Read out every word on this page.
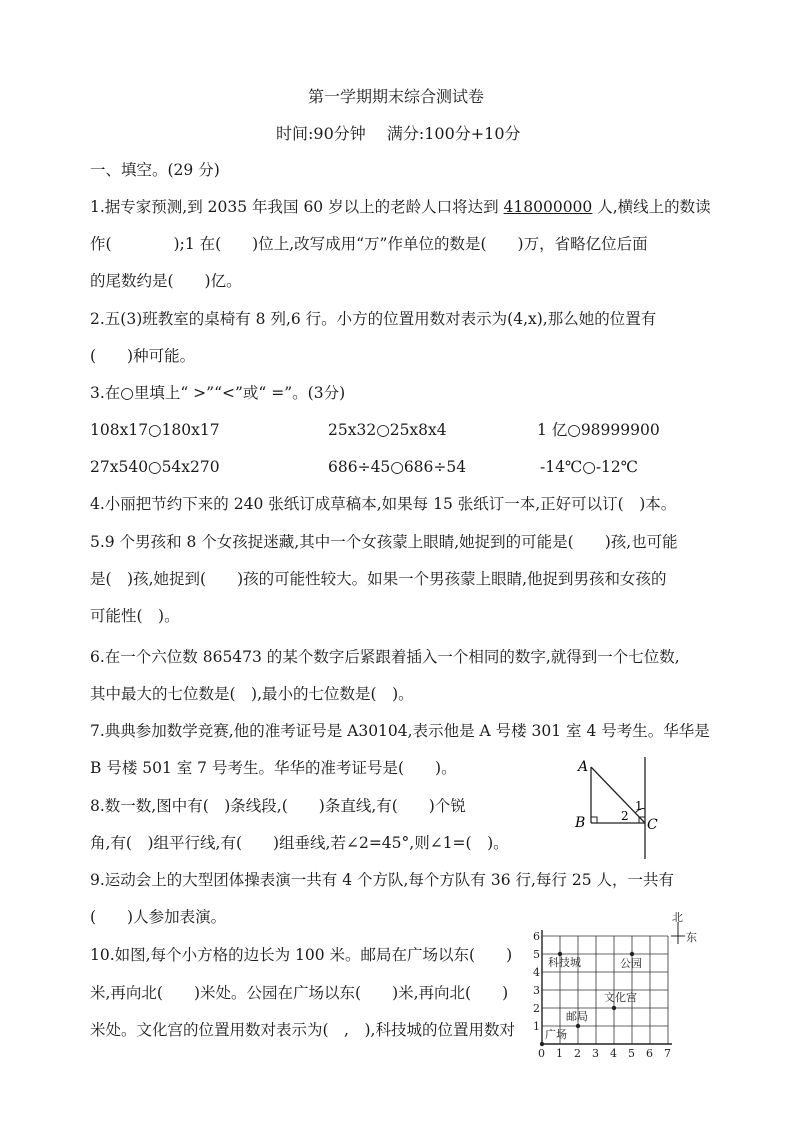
第一学期期末综合测试卷
时间:90分钟　 满分:100分+10分
一、填空。(29 分)
1.据专家预测,到 2035 年我国 60 岁以上的老龄人口将达到 418000000 人,横线上的数读
作(　　　　);1 在(　　)位上,改写成用“万”作单位的数是(　　)万，省略亿位后面
的尾数约是(　　)亿。
2.五(3)班教室的桌椅有 8 列,6 行。小方的位置用数对表示为(4,x),那么她的位置有
(　　)种可能。
3.在○里填上“ >”“<”或“ =”。(3分)
108x17○180x17	25x32○25x8x4	1 亿○98999900
27x540○54x270	686÷45○686÷54	-14℃○-12℃
4.小丽把节约下来的 240 张纸订成草稿本,如果每 15 张纸订一本,正好可以订(　)本。
5.9 个男孩和 8 个女孩捉迷藏,其中一个女孩蒙上眼睛,她捉到的可能是(　　)孩,也可能
是(　)孩,她捉到(　　)孩的可能性较大。如果一个男孩蒙上眼睛,他捉到男孩和女孩的
可能性(　)。
6.在一个六位数 865473 的某个数字后紧跟着插入一个相同的数字,就得到一个七位数,
其中最大的七位数是(　),最小的七位数是(　)。
7.典典参加数学竞赛,他的准考证号是 A30104,表示他是 A 号楼 301 室 4 号考生。华华是
B 号楼 501 室 7 号考生。华华的准考证号是(　　)。
8.数一数,图中有(　)条线段,(　　)条直线,有(　　)个锐
角,有(　)组平行线,有(　　)组垂线,若∠2=45°,则∠1=(　)。
A
B	C
1
2
9.运动会上的大型团体操表演一共有 4 个方队,每个方队有 36 行,每行 25 人，一共有
(　　)人参加表演。
10.如图,每个小方格的边长为 100 米。邮局在广场以东(　　)
米,再向北(　　)米处。公园在广场以东(　　)米,再向北(　　)
米处。文化宫的位置用数对表示为(　,　),科技城的位置用数对
科技城	公园
文化宫
邮局
广场
0 1 2 3 4 5 6 7
1
2
3
4
5
6
北
东
